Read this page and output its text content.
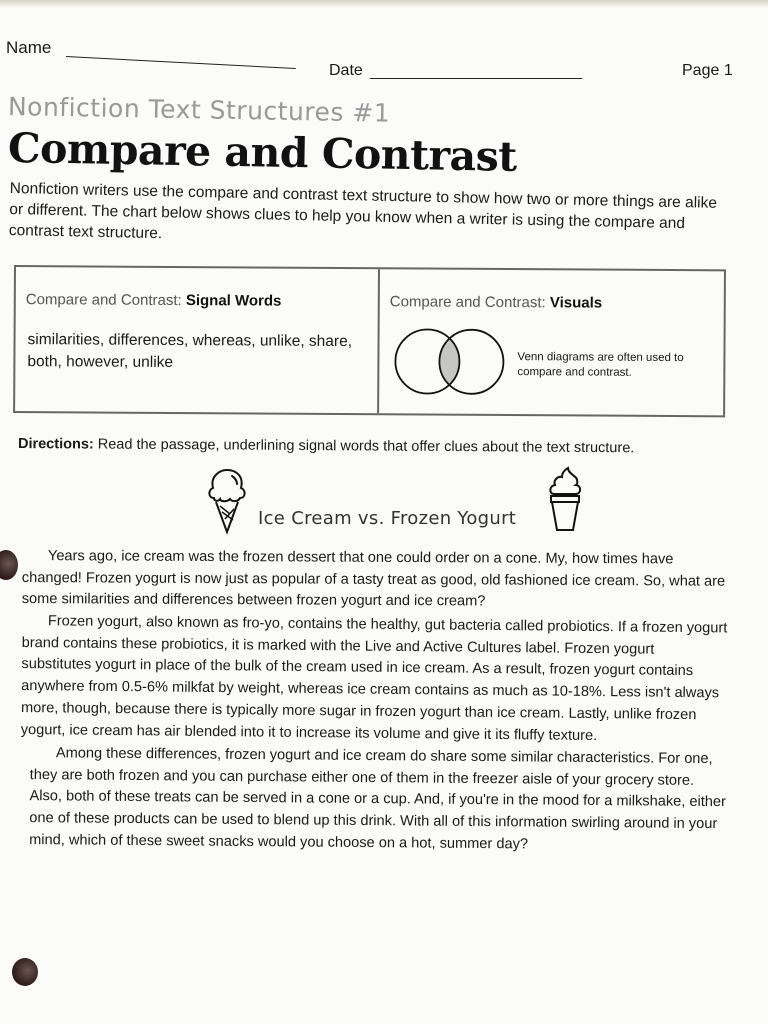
Name
Date	Page 1
Nonfiction Text Structures #1
Compare and Contrast

Nonfiction writers use the compare and contrast text structure to show how two or more things are alike or different. The chart below shows clues to help you know when a writer is using the compare and contrast text structure.

Compare and Contrast: Signal Words
similarities, differences, whereas, unlike, share, both, however, unlike
Compare and Contrast: Visuals
Venn diagrams are often used to compare and contrast.
Directions: Read the passage, underlining signal words that offer clues about the text structure.
Ice Cream vs. Frozen Yogurt

Years ago, ice cream was the frozen dessert that one could order on a cone. My, how times have changed! Frozen yogurt is now just as popular of a tasty treat as good, old fashioned ice cream. So, what are some similarities and differences between frozen yogurt and ice cream?

Frozen yogurt, also known as fro-yo, contains the healthy, gut bacteria called probiotics. If a frozen yogurt brand contains these probiotics, it is marked with the Live and Active Cultures label. Frozen yogurt substitutes yogurt in place of the bulk of the cream used in ice cream. As a result, frozen yogurt contains anywhere from 0.5-6% milkfat by weight, whereas ice cream contains as much as 10-18%. Less isn't always more, though, because there is typically more sugar in frozen yogurt than ice cream. Lastly, unlike frozen yogurt, ice cream has air blended into it to increase its volume and give it its fluffy texture.

Among these differences, frozen yogurt and ice cream do share some similar characteristics. For one, they are both frozen and you can purchase either one of them in the freezer aisle of your grocery store. Also, both of these treats can be served in a cone or a cup. And, if you're in the mood for a milkshake, either one of these products can be used to blend up this drink. With all of this information swirling around in your mind, which of these sweet snacks would you choose on a hot, summer day?
